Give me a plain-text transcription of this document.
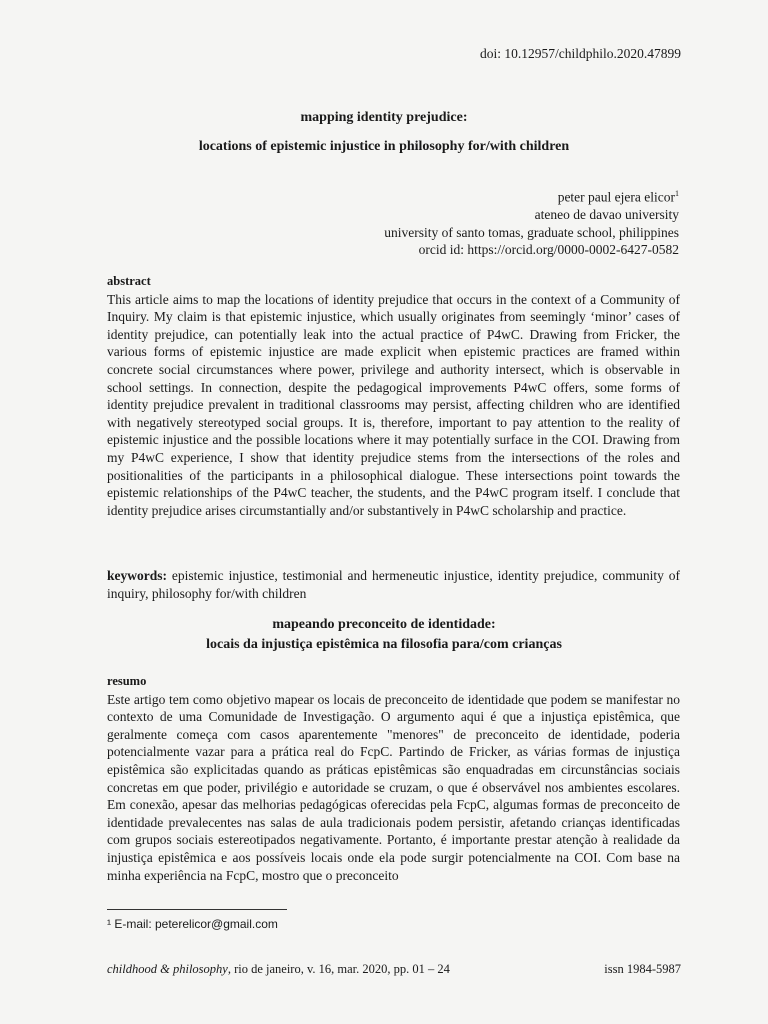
doi: 10.12957/childphilo.2020.47899
mapping identity prejudice:
locations of epistemic injustice in philosophy for/with children
peter paul ejera elicor$^1$
ateneo de davao university
university of santo tomas, graduate school, philippines
orcid id: https://orcid.org/0000-0002-6427-0582
abstract
This article aims to map the locations of identity prejudice that occurs in the context of a Community of Inquiry. My claim is that epistemic injustice, which usually originates from seemingly ‘minor’ cases of identity prejudice, can potentially leak into the actual practice of P4wC. Drawing from Fricker, the various forms of epistemic injustice are made explicit when epistemic practices are framed within concrete social circumstances where power, privilege and authority intersect, which is observable in school settings. In connection, despite the pedagogical improvements P4wC offers, some forms of identity prejudice prevalent in traditional classrooms may persist, affecting children who are identified with negatively stereotyped social groups. It is, therefore, important to pay attention to the reality of epistemic injustice and the possible locations where it may potentially surface in the COI. Drawing from my P4wC experience, I show that identity prejudice stems from the intersections of the roles and positionalities of the participants in a philosophical dialogue. These intersections point towards the epistemic relationships of the P4wC teacher, the students, and the P4wC program itself. I conclude that identity prejudice arises circumstantially and/or substantively in P4wC scholarship and practice.
keywords: epistemic injustice, testimonial and hermeneutic injustice, identity prejudice, community of inquiry, philosophy for/with children
mapeando preconceito de identidade:
locais da injustiça epistêmica na filosofia para/com crianças
resumo
Este artigo tem como objetivo mapear os locais de preconceito de identidade que podem se manifestar no contexto de uma Comunidade de Investigação. O argumento aqui é que a injustiça epistêmica, que geralmente começa com casos aparentemente "menores" de preconceito de identidade, poderia potencialmente vazar para a prática real do FcpC. Partindo de Fricker, as várias formas de injustiça epistêmica são explicitadas quando as práticas epistêmicas são enquadradas em circunstâncias sociais concretas em que poder, privilégio e autoridade se cruzam, o que é observável nos ambientes escolares. Em conexão, apesar das melhorias pedagógicas oferecidas pela FcpC, algumas formas de preconceito de identidade prevalecentes nas salas de aula tradicionais podem persistir, afetando crianças identificadas com grupos sociais estereotipados negativamente. Portanto, é importante prestar atenção à realidade da injustiça epistêmica e aos possíveis locais onde ela pode surgir potencialmente na COI. Com base na minha experiência na FcpC, mostro que o preconceito
¹ E-mail: peterelicor@gmail.com
childhood & philosophy, rio de janeiro, v. 16, mar. 2020, pp. 01 – 24	issn 1984-5987
